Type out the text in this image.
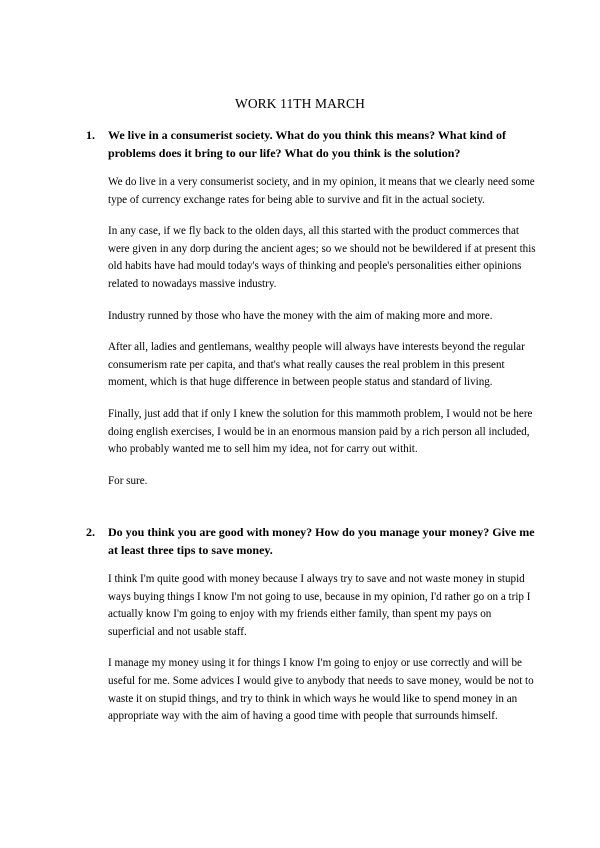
WORK 11TH MARCH
1. We live in a consumerist society. What do you think this means? What kind of problems does it bring to our life? What do you think is the solution?

We do live in a very consumerist society, and in my opinion, it means that we clearly need some type of currency exchange rates for being able to survive and fit in the actual society.

In any case, if we fly back to the olden days, all this started with the product commerces that were given in any dorp during the ancient ages; so we should not be bewildered if at present this old habits have had mould today's ways of thinking and people's personalities either opinions related to nowadays massive industry.

Industry runned by those who have the money with the aim of making more and more.

After all, ladies and gentlemans, wealthy people will always have interests beyond the regular consumerism rate per capita, and that's what really causes the real problem in this present moment, which is that huge difference in between people status and standard of living.

Finally, just add that if only I knew the solution for this mammoth problem, I would not be here doing english exercises, I would be in an enormous mansion paid by a rich person all included, who probably wanted me to sell him my idea, not for carry out withit.

For sure.

2. Do you think you are good with money? How do you manage your money? Give me at least three tips to save money.

I think I'm quite good with money because I always try to save and not waste money in stupid ways buying things I know I'm not going to use, because in my opinion, I'd rather go on a trip I actually know I'm going to enjoy with my friends either family, than spent my pays on superficial and not usable staff.

I manage my money using it for things I know I'm going to enjoy or use correctly and will be useful for me. Some advices I would give to anybody that needs to save money, would be not to waste it on stupid things, and try to think in which ways he would like to spend money in an appropriate way with the aim of having a good time with people that surrounds himself.
